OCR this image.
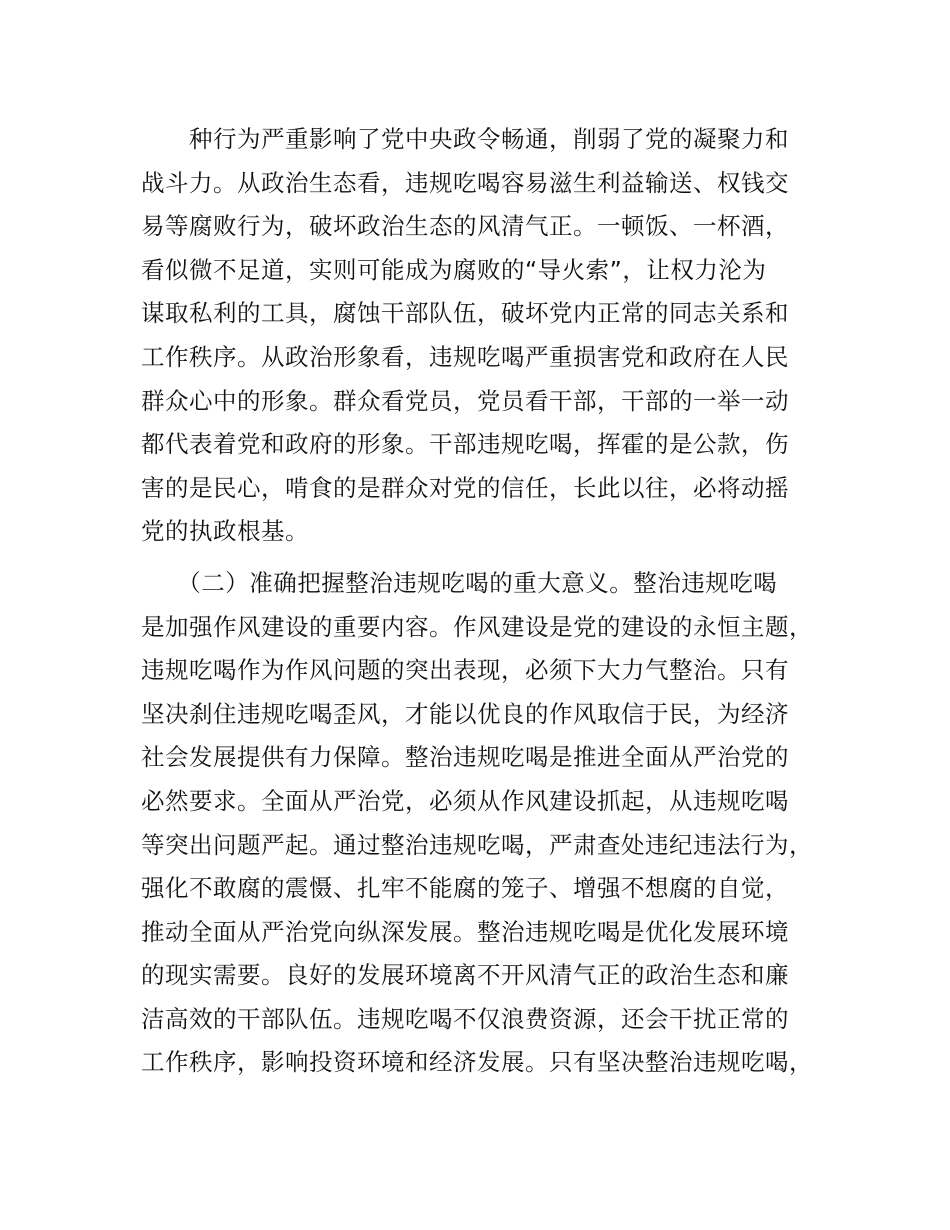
　　种行为严重影响了党中央政令畅通，削弱了党的凝聚力和
战斗力。从政治生态看，违规吃喝容易滋生利益输送、权钱交
易等腐败行为，破坏政治生态的风清气正。一顿饭、一杯酒，
看似微不足道，实则可能成为腐败的“导火索”，让权力沦为
谋取私利的工具，腐蚀干部队伍，破坏党内正常的同志关系和
工作秩序。从政治形象看，违规吃喝严重损害党和政府在人民
群众心中的形象。群众看党员，党员看干部，干部的一举一动
都代表着党和政府的形象。干部违规吃喝，挥霍的是公款，伤
害的是民心，啃食的是群众对党的信任，长此以往，必将动摇
党的执政根基。
　　（二）准确把握整治违规吃喝的重大意义。整治违规吃喝
是加强作风建设的重要内容。作风建设是党的建设的永恒主题，
违规吃喝作为作风问题的突出表现，必须下大力气整治。只有
坚决刹住违规吃喝歪风，才能以优良的作风取信于民，为经济
社会发展提供有力保障。整治违规吃喝是推进全面从严治党的
必然要求。全面从严治党，必须从作风建设抓起，从违规吃喝
等突出问题严起。通过整治违规吃喝，严肃查处违纪违法行为，
强化不敢腐的震慑、扎牢不能腐的笼子、增强不想腐的自觉，
推动全面从严治党向纵深发展。整治违规吃喝是优化发展环境
的现实需要。良好的发展环境离不开风清气正的政治生态和廉
洁高效的干部队伍。违规吃喝不仅浪费资源，还会干扰正常的
工作秩序，影响投资环境和经济发展。只有坚决整治违规吃喝，
